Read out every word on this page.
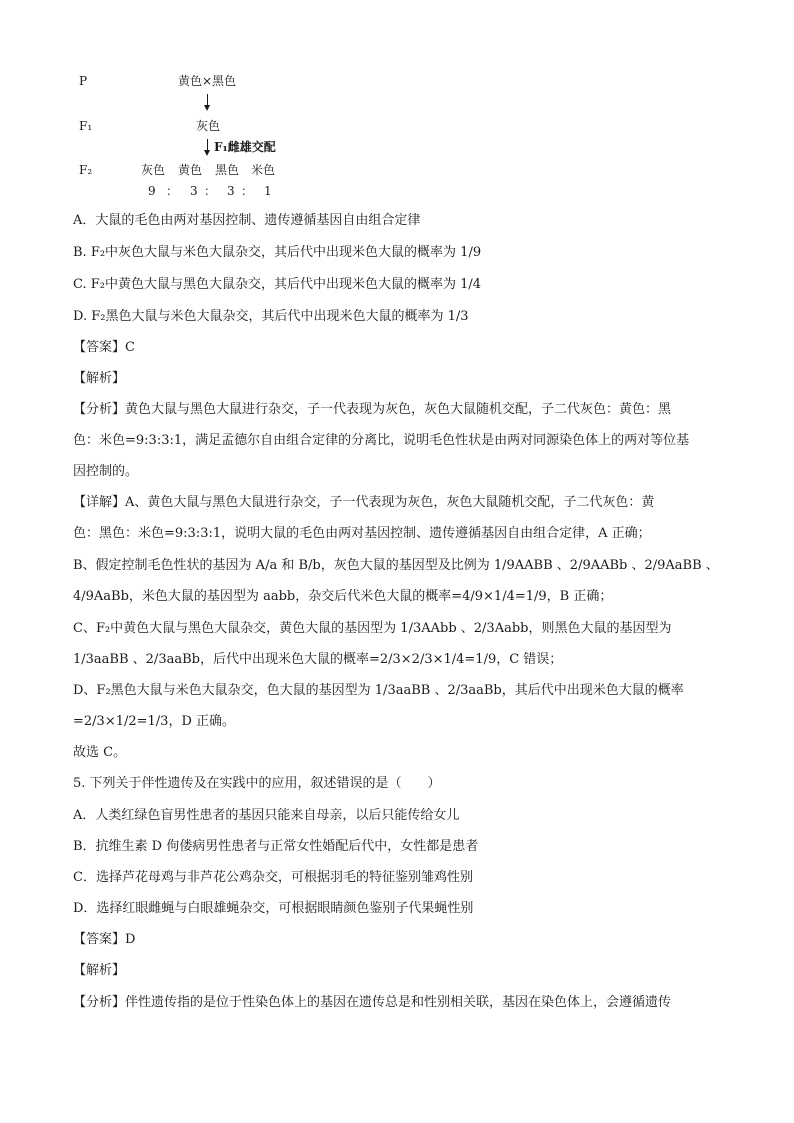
P	黄色×黑色
F₁	灰色
F₁雌雄交配
F₂	灰色 黄色 黑色 米色
9 ： 3 ： 3 ： 1
A．大鼠的毛色由两对基因控制、遗传遵循基因自由组合定律
B. F₂中灰色大鼠与米色大鼠杂交，其后代中出现米色大鼠的概率为 1/9
C. F₂中黄色大鼠与黑色大鼠杂交，其后代中出现米色大鼠的概率为 1/4
D. F₂黑色大鼠与米色大鼠杂交，其后代中出现米色大鼠的概率为 1/3
【答案】C
【解析】
【分析】黄色大鼠与黑色大鼠进行杂交，子一代表现为灰色，灰色大鼠随机交配，子二代灰色：黄色：黑
色：米色=9:3:3:1，满足孟德尔自由组合定律的分离比，说明毛色性状是由两对同源染色体上的两对等位基
因控制的。
【详解】A、黄色大鼠与黑色大鼠进行杂交，子一代表现为灰色，灰色大鼠随机交配，子二代灰色：黄
色：黑色：米色=9:3:3:1，说明大鼠的毛色由两对基因控制、遗传遵循基因自由组合定律，A 正确；
B、假定控制毛色性状的基因为 A/a 和 B/b，灰色大鼠的基因型及比例为 1/9AABB 、2/9AABb 、2/9AaBB 、
4/9AaBb，米色大鼠的基因型为 aabb，杂交后代米色大鼠的概率=4/9×1/4=1/9，B 正确；
C、F₂中黄色大鼠与黑色大鼠杂交，黄色大鼠的基因型为 1/3AAbb 、2/3Aabb，则黑色大鼠的基因型为
1/3aaBB 、2/3aaBb，后代中出现米色大鼠的概率=2/3×2/3×1/4=1/9，C 错误；
D、F₂黑色大鼠与米色大鼠杂交，色大鼠的基因型为 1/3aaBB 、2/3aaBb，其后代中出现米色大鼠的概率
=2/3×1/2=1/3，D 正确。
故选 C。
5. 下列关于伴性遗传及在实践中的应用，叙述错误的是（　　）
A．人类红绿色盲男性患者的基因只能来自母亲，以后只能传给女儿
B．抗维生素 D 佝偻病男性患者与正常女性婚配后代中，女性都是患者
C．选择芦花母鸡与非芦花公鸡杂交，可根据羽毛的特征鉴别雏鸡性别
D．选择红眼雌蝇与白眼雄蝇杂交，可根据眼睛颜色鉴别子代果蝇性别
【答案】D
【解析】
【分析】伴性遗传指的是位于性染色体上的基因在遗传总是和性别相关联，基因在染色体上，会遵循遗传
